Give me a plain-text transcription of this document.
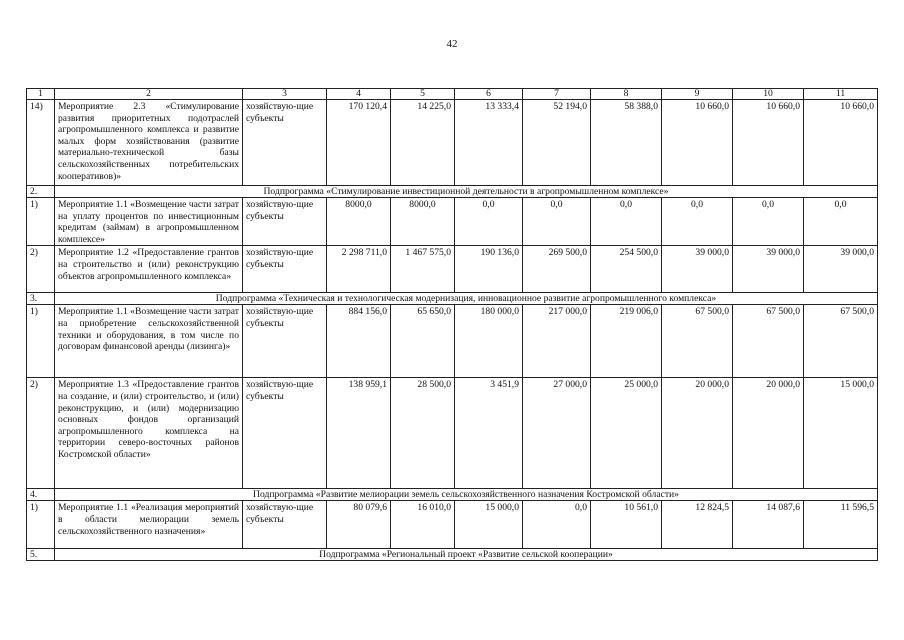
42
1	2	3	4	5	6	7	8	9	10	11
14)	Мероприятие 2.3 «Стимулирование развития приоритетных подотраслей агропромышленного комплекса и развитие малых форм хозяйствования (развитие материально-технической базы сельскохозяйственных потребительских кооперативов)»	хозяйствую-щие субъекты	170 120,4	14 225,0	13 333,4	52 194,0	58 388,0	10 660,0	10 660,0	10 660,0
2.	Подпрограмма «Стимулирование инвестиционной деятельности в агропромышленном комплексе»									
1)	Мероприятие 1.1 «Возмещение части затрат на уплату процентов по инвестиционным кредитам (займам) в агропромышленном комплексе»	хозяйствую-щие субъекты	8000,0	8000,0	0,0	0,0	0,0	0,0	0,0	0,0
2)	Мероприятие 1.2 «Предоставление грантов на строительство и (или) реконструкцию объектов агропромышленного комплекса»	хозяйствую-щие субъекты	2 298 711,0	1 467 575,0	190 136,0	269 500,0	254 500,0	39 000,0	39 000,0	39 000,0
3.	Подпрограмма «Техническая и технологическая модернизация, инновационное развитие агропромышленного комплекса»									
1)	Мероприятие 1.1 «Возмещение части затрат на приобретение сельскохозяйственной техники и оборудования, в том числе по договорам финансовой аренды (лизинга)»	хозяйствую-щие субъекты	884 156,0	65 650,0	180 000,0	217 000,0	219 006,0	67 500,0	67 500,0	67 500,0
2)	Мероприятие 1.3 «Предоставление грантов на создание, и (или) строительство, и (или) реконструкцию, и (или) модернизацию основных фондов организаций агропромышленного комплекса на территории северо-восточных районов Костромской области»	хозяйствую-щие субъекты	138 959,1	28 500,0	3 451,9	27 000,0	25 000,0	20 000,0	20 000,0	15 000,0
4.	Подпрограмма «Развитие мелиорации земель сельскохозяйственного назначения Костромской области»									
1)	Мероприятие 1.1 «Реализация мероприятий в области мелиорации земель сельскохозяйственного назначения»	хозяйствую-щие субъекты	80 079,6	16 010,0	15 000,0	0,0	10 561,0	12 824,5	14 087,6	11 596,5
5.	Подпрограмма «Региональный проект «Развитие сельской кооперации»									
